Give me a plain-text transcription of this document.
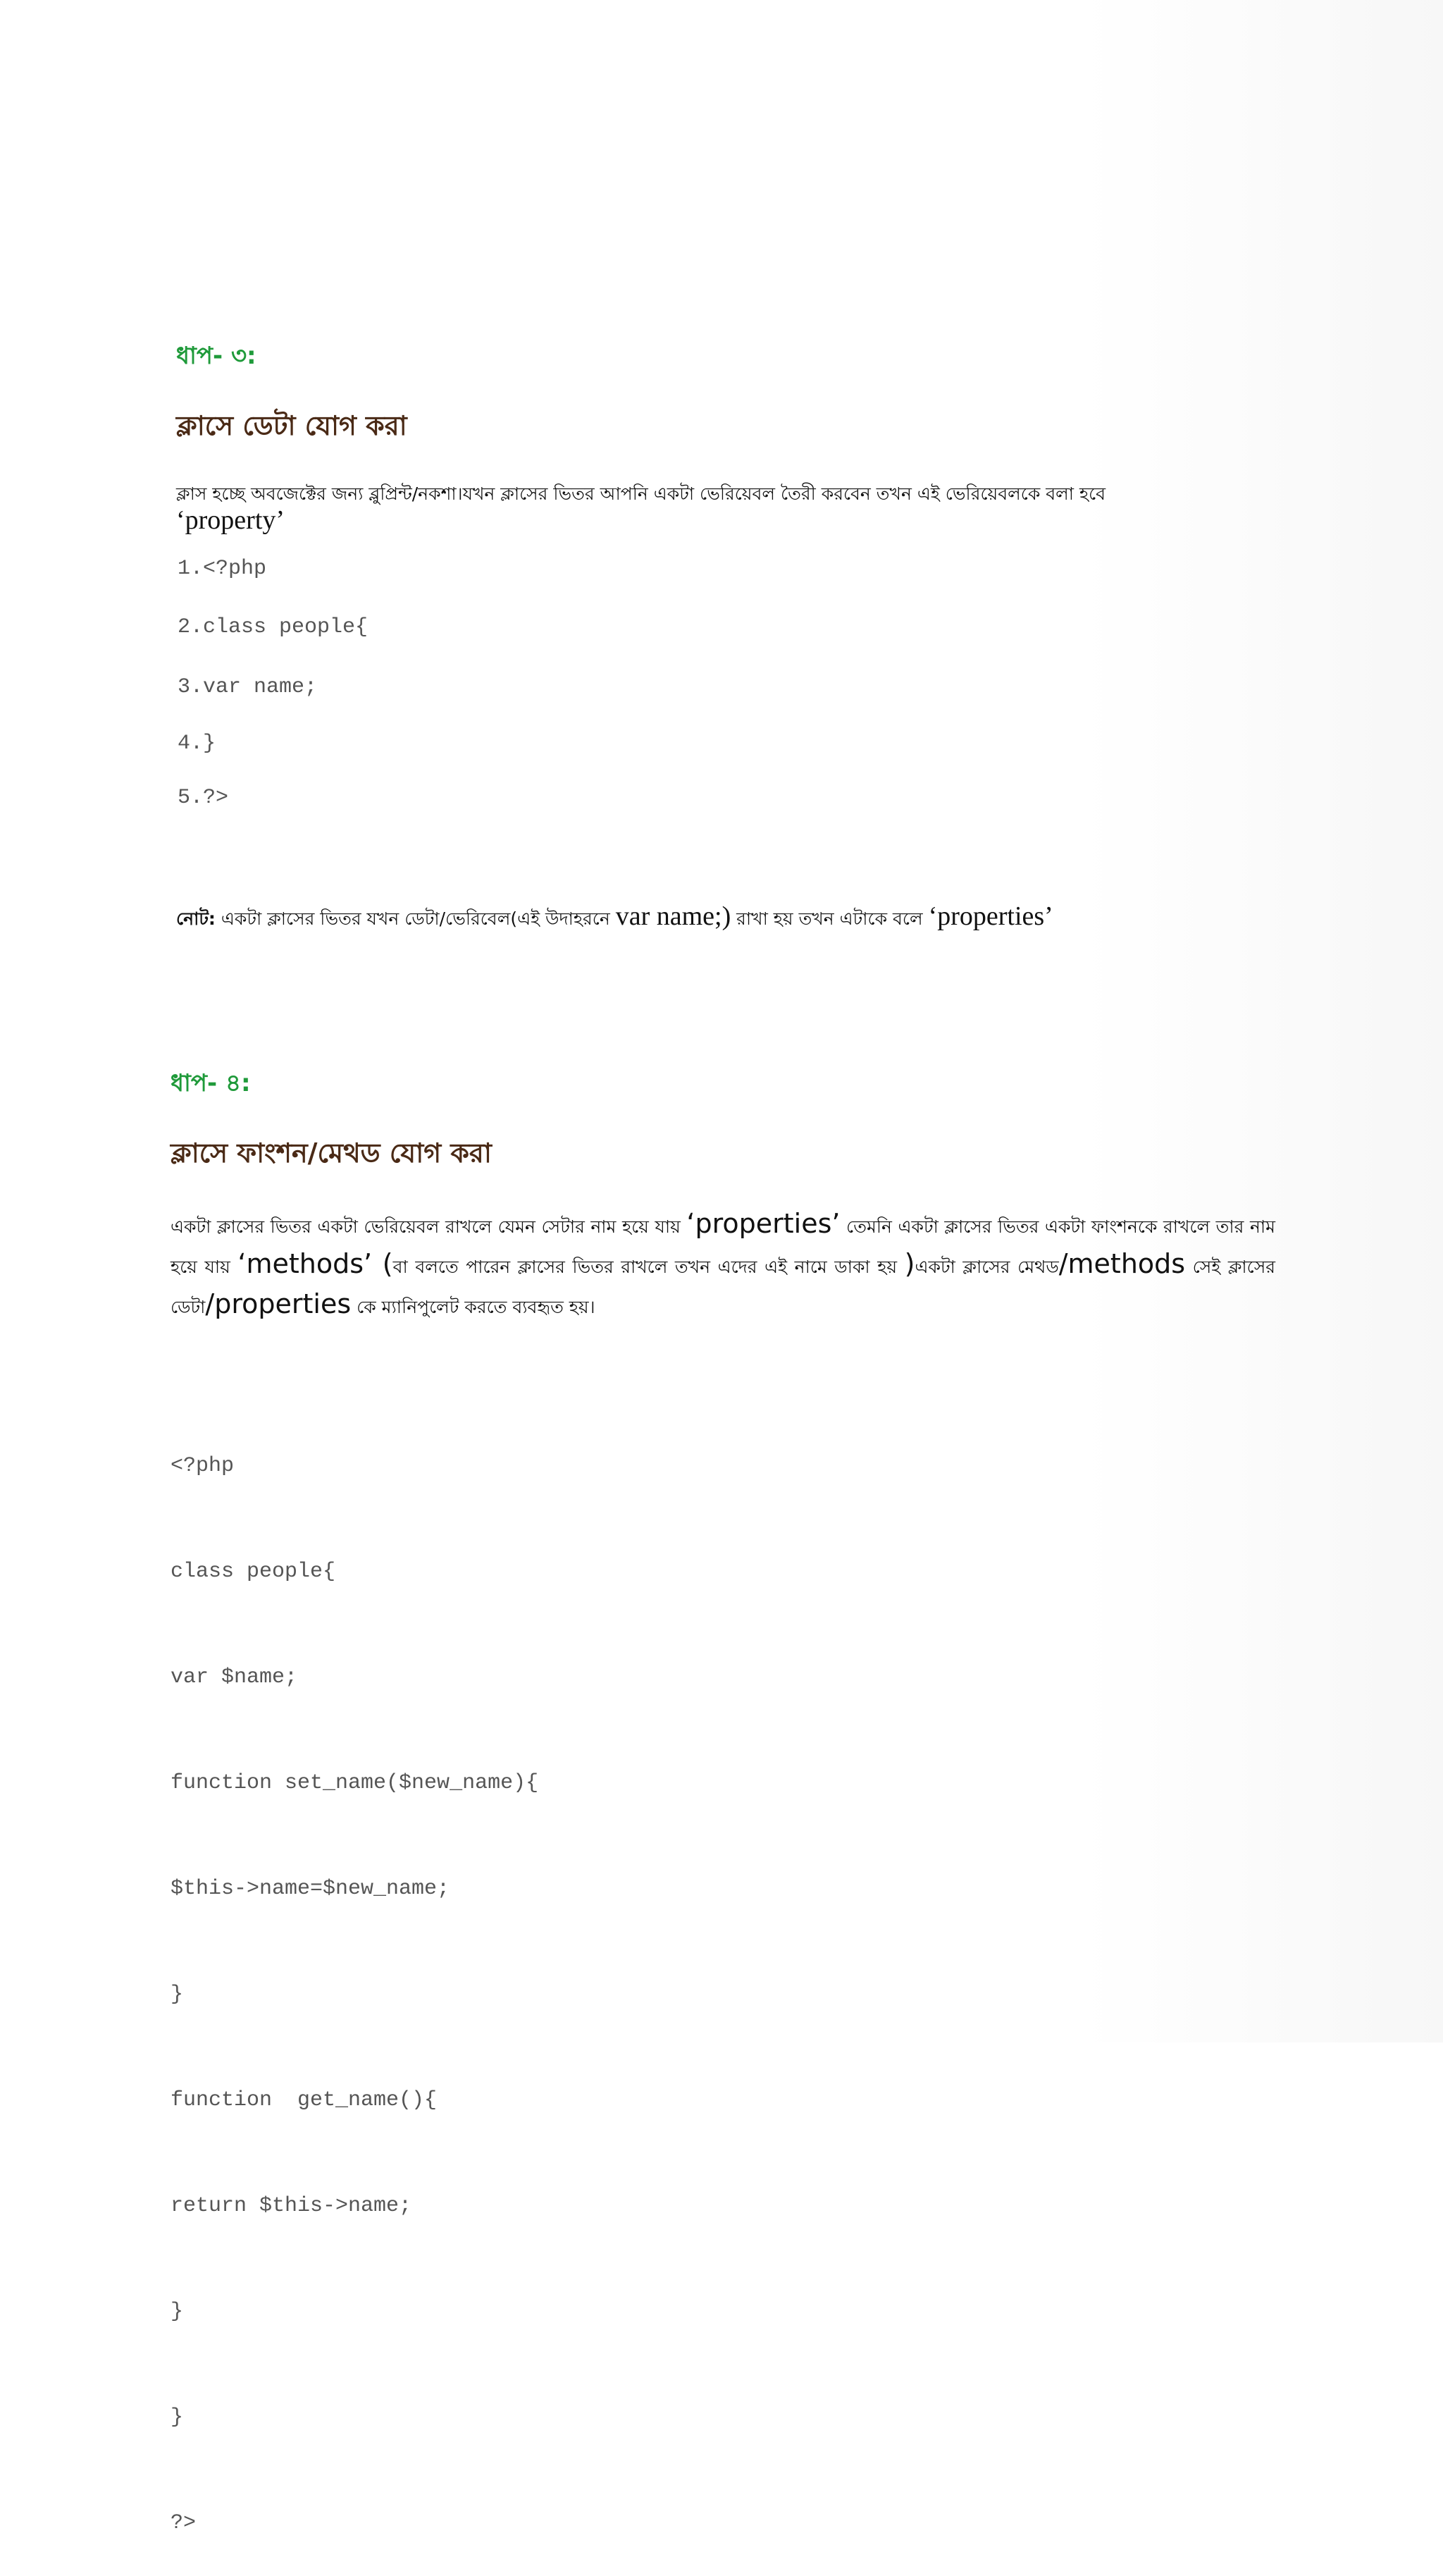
ধাপ- ৩:
ক্লাসে ডেটা যোগ করা
ক্লাস হচ্ছে অবজেক্টের জন্য ব্লুপ্রিন্ট/নকশা।যখন ক্লাসের ভিতর আপনি একটা ভেরিয়েবল তৈরী করবেন তখন এই ভেরিয়েবলকে বলা হবে
‘property’
1.<?php
2.class people{
3.var name;
4.}
5.?>
নোট: একটা ক্লাসের ভিতর যখন ডেটা/ভেরিবেল(এই উদাহরনে var name;) রাখা হয় তখন এটাকে বলে ‘properties’
ধাপ- ৪:
ক্লাসে ফাংশন/মেথড যোগ করা
একটা ক্লাসের ভিতর একটা ভেরিয়েবল রাখলে যেমন সেটার নাম হয়ে যায় ‘properties’ তেমনি একটা ক্লাসের ভিতর একটা ফাংশনকে রাখলে তার নাম হয়ে যায় ‘methods’ (বা বলতে পারেন ক্লাসের ভিতর রাখলে তখন এদের এই নামে ডাকা হয় )একটা ক্লাসের মেথড/methods সেই ক্লাসের ডেটা/properties কে ম্যানিপুলেট করতে ব্যবহৃত হয়।

<?php

class people{

var $name;

function set_name($new_name){

$this->name=$new_name;

}

function  get_name(){

return $this->name;

}

}

?>
